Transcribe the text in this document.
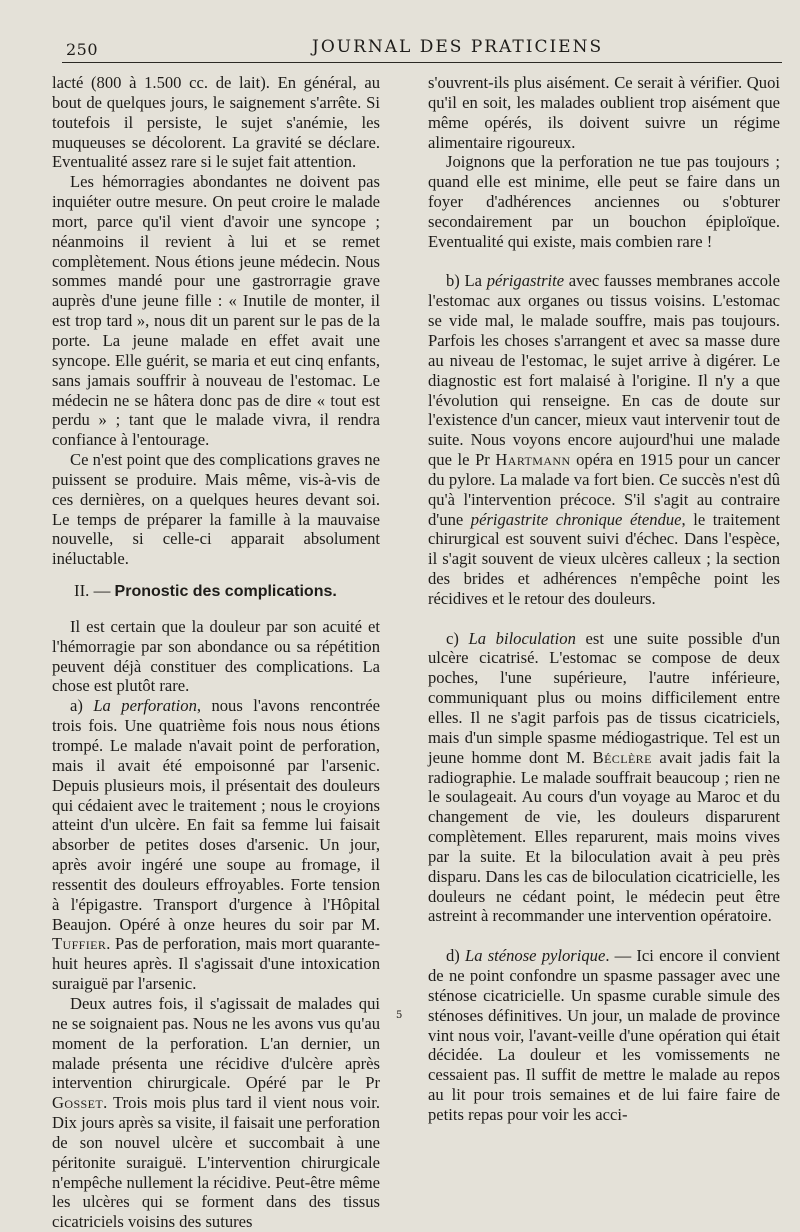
250	JOURNAL DES PRATICIENS

lacté (800 à 1.500 cc. de lait). En général, au bout de quelques jours, le saignement s'arrête. Si toutefois il persiste, le sujet s'anémie, les muqueuses se décolorent. La gravité se déclare. Eventualité assez rare si le sujet fait attention.

Les hémorragies abondantes ne doivent pas inquiéter outre mesure. On peut croire le malade mort, parce qu'il vient d'avoir une syncope ; néanmoins il revient à lui et se remet complètement. Nous étions jeune médecin. Nous sommes mandé pour une gastrorragie grave auprès d'une jeune fille : « Inutile de monter, il est trop tard », nous dit un parent sur le pas de la porte. La jeune malade en effet avait une syncope. Elle guérit, se maria et eut cinq enfants, sans jamais souffrir à nouveau de l'estomac. Le médecin ne se hâtera donc pas de dire « tout est perdu » ; tant que le malade vivra, il rendra confiance à l'entourage.

Ce n'est point que des complications graves ne puissent se produire. Mais même, vis-à-vis de ces dernières, on a quelques heures devant soi. Le temps de préparer la famille à la mauvaise nouvelle, si celle-ci apparait absolument inéluctable.

II. — Pronostic des complications.

Il est certain que la douleur par son acuité et l'hémorragie par son abondance ou sa répétition peuvent déjà constituer des complications. La chose est plutôt rare.

a) La perforation, nous l'avons rencontrée trois fois. Une quatrième fois nous nous étions trompé. Le malade n'avait point de perforation, mais il avait été empoisonné par l'arsenic. Depuis plusieurs mois, il présentait des douleurs qui cédaient avec le traitement ; nous le croyions atteint d'un ulcère. En fait sa femme lui faisait absorber de petites doses d'arsenic. Un jour, après avoir ingéré une soupe au fromage, il ressentit des douleurs effroyables. Forte tension à l'épigastre. Transport d'urgence à l'Hôpital Beaujon. Opéré à onze heures du soir par M. Tuffier. Pas de perforation, mais mort quarante-huit heures après. Il s'agissait d'une intoxication suraiguë par l'arsenic.

Deux autres fois, il s'agissait de malades qui ne se soignaient pas. Nous ne les avons vus qu'au moment de la perforation. L'an dernier, un malade présenta une récidive d'ulcère après intervention chirurgicale. Opéré par le Pr Gosset. Trois mois plus tard il vient nous voir. Dix jours après sa visite, il faisait une perforation de son nouvel ulcère et succombait à une péritonite suraiguë. L'intervention chirurgicale n'empêche nullement la récidive. Peut-être même les ulcères qui se forment dans des tissus cicatriciels voisins des sutures

s'ouvrent-ils plus aisément. Ce serait à vérifier. Quoi qu'il en soit, les malades oublient trop aisément que même opérés, ils doivent suivre un régime alimentaire rigoureux.

Joignons que la perforation ne tue pas toujours ; quand elle est minime, elle peut se faire dans un foyer d'adhérences anciennes ou s'obturer secondairement par un bouchon épiploïque. Eventualité qui existe, mais combien rare !

b) La périgastrite avec fausses membranes accole l'estomac aux organes ou tissus voisins. L'estomac se vide mal, le malade souffre, mais pas toujours. Parfois les choses s'arrangent et avec sa masse dure au niveau de l'estomac, le sujet arrive à digérer. Le diagnostic est fort malaisé à l'origine. Il n'y a que l'évolution qui renseigne. En cas de doute sur l'existence d'un cancer, mieux vaut intervenir tout de suite. Nous voyons encore aujourd'hui une malade que le Pr Hartmann opéra en 1915 pour un cancer du pylore. La malade va fort bien. Ce succès n'est dû qu'à l'intervention précoce. S'il s'agit au contraire d'une périgastrite chronique étendue, le traitement chirurgical est souvent suivi d'échec. Dans l'espèce, il s'agit souvent de vieux ulcères calleux ; la section des brides et adhérences n'empêche point les récidives et le retour des douleurs.

c) La biloculation est une suite possible d'un ulcère cicatrisé. L'estomac se compose de deux poches, l'une supérieure, l'autre inférieure, communiquant plus ou moins difficilement entre elles. Il ne s'agit parfois pas de tissus cicatriciels, mais d'un simple spasme médiogastrique. Tel est un jeune homme dont M. Béclère avait jadis fait la radiographie. Le malade souffrait beaucoup ; rien ne le soulageait. Au cours d'un voyage au Maroc et du changement de vie, les douleurs disparurent complètement. Elles reparurent, mais moins vives par la suite. Et la biloculation avait à peu près disparu. Dans les cas de biloculation cicatricielle, les douleurs ne cédant point, le médecin peut être astreint à recommander une intervention opératoire.

d) La sténose pylorique. — Ici encore il convient de ne point confondre un spasme passager avec une sténose cicatricielle. Un spasme curable simule des sténoses définitives. Un jour, un malade de province vint nous voir, l'avant-veille d'une opération qui était décidée. La douleur et les vomissements ne cessaient pas. Il suffit de mettre le malade au repos au lit pour trois semaines et de lui faire faire de petits repas pour voir les acci-

5
